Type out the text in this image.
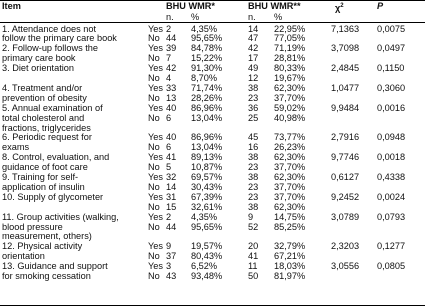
Item	BHU WMR*	BHU WMR**	$\chi^2$	P
n. %	n. %
1. Attendance does not
follow the primary care book
Yes 2 4,35%	14 22,95%	7,1363 0,0075
No 44 95,65%	47 77,05%
2. Follow-up follows the
primary care book
Yes 39 84,78%	42 71,19%	3,7098 0,0497
No 7 15,22%	17 28,81%
3. Diet orientation	Yes 42 91,30%	49 80,33%	2,4845 0,1150
No 4 8,70%	12 19,67%
4. Treatment and/or
prevention of obesity
Yes 33 71,74%	38 62,30%	1,0477 0,3060
No 13 28,26%	23 37,70%
5. Annual examination of
total cholesterol and
fractions, triglycerides
Yes 40 86,96%	36 59,02%	9,9484 0,0016
No 6 13,04%	25 40,98%
6. Periodic request for
exams
Yes 40 86,96%	45 73,77%	2,7916 0,0948
No 6 13,04%	16 26,23%
8. Control, evaluation, and
guidance of foot care
Yes 41 89,13%	38 62,30%	9,7746 0,0018
No 5 10,87%	23 37,70%
9. Training for self-
application of insulin
Yes 32 69,57%	38 62,30%	0,6127 0,4338
No 14 30,43%	23 37,70%
10. Supply of glycometer	Yes 31 67,39%	23 37,70%	9,2452 0,0024
No 15 32,61%	38 62,30%
11. Group activities (walking,
blood pressure
measurement, others)
Yes 2 4,35%	9 14,75%	3,0789 0,0793
No 44 95,65%	52 85,25%
12. Physical activity
orientation
Yes 9 19,57%	20 32,79%	2,3203 0,1277
No 37 80,43%	41 67,21%
13. Guidance and support
for smoking cessation
Yes 3 6,52%	11 18,03%	3,0556 0,0805
No 43 93,48%	50 81,97%
